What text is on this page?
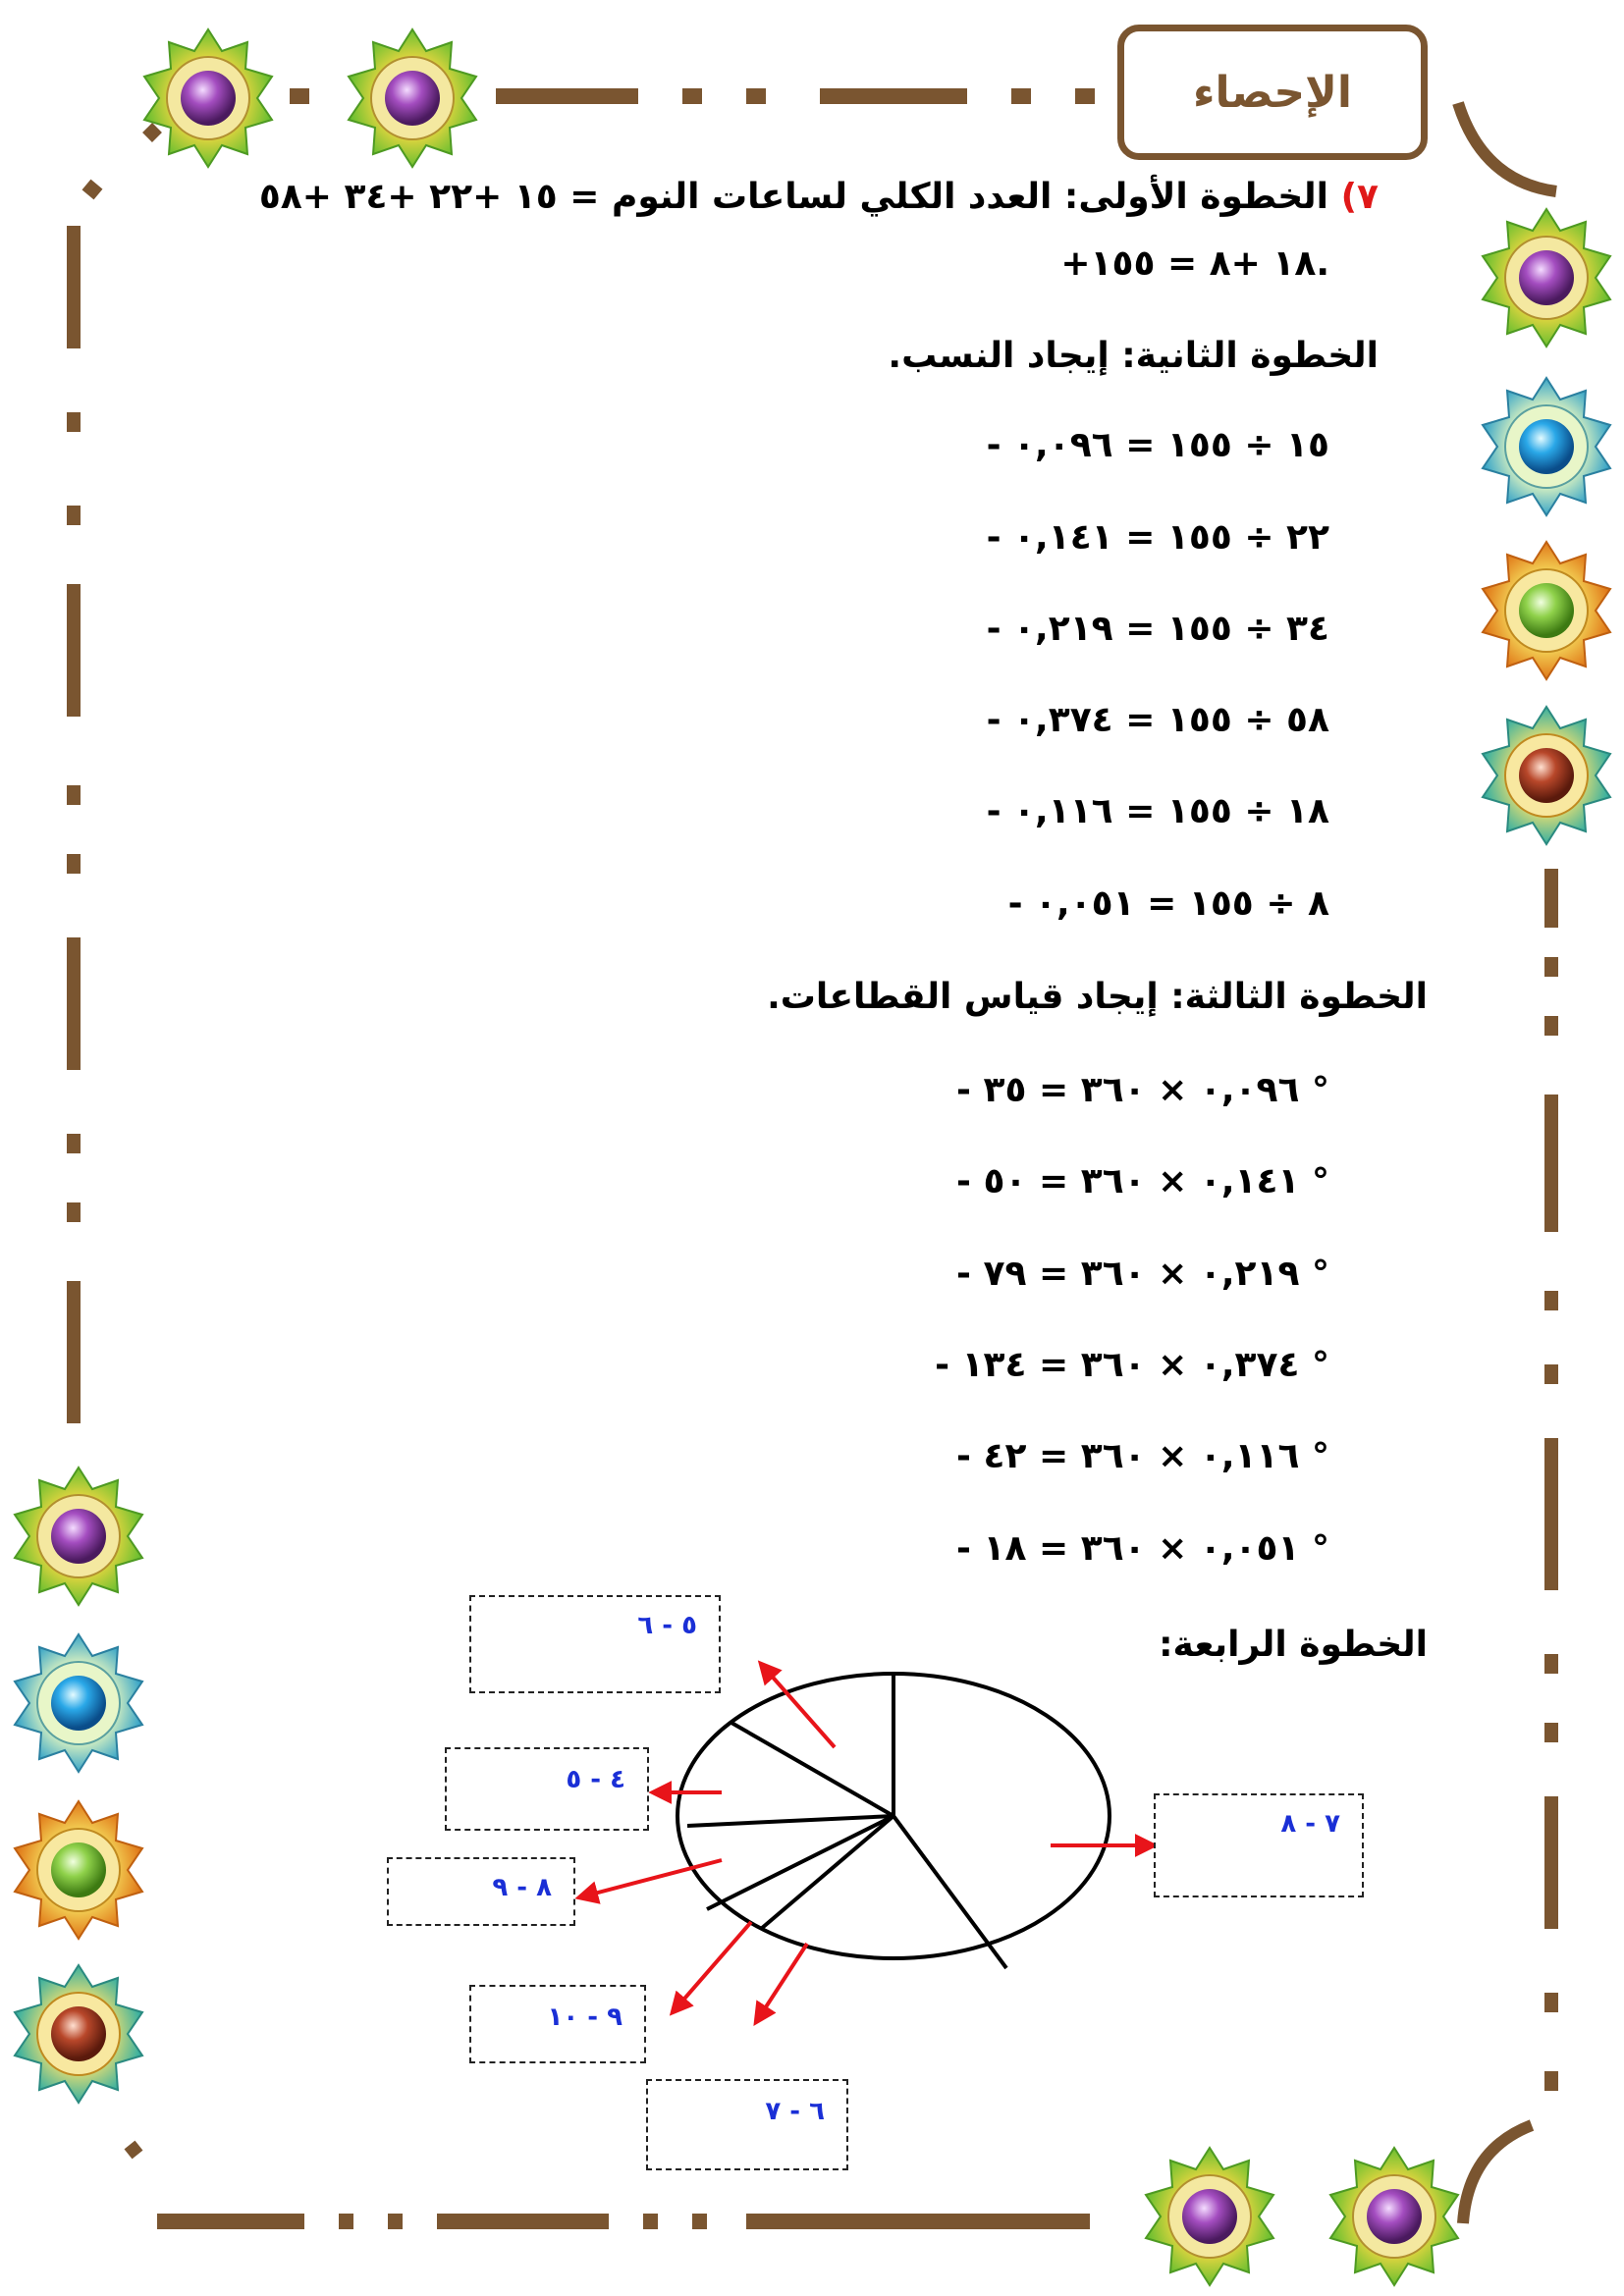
الإحصاء
٧) الخطوة الأولى: العدد الكلي لساعات النوم = ١٥ +٢٢ +٣٤ +٥٨
+١٨ +٨ = ١٥٥.
الخطوة الثانية: إيجاد النسب.
- ١٥ ÷ ١٥٥ = ٠,٠٩٦
- ٢٢ ÷ ١٥٥ = ٠,١٤١
- ٣٤ ÷ ١٥٥ = ٠,٢١٩
- ٥٨ ÷ ١٥٥ = ٠,٣٧٤
- ١٨ ÷ ١٥٥ = ٠,١١٦
- ٨ ÷ ١٥٥ = ٠,٠٥١
الخطوة الثالثة: إيجاد قياس القطاعات.
- ٠,٠٩٦ × ٣٦٠ = ٣٥ °
- ٠,١٤١ × ٣٦٠ = ٥٠ °
- ٠,٢١٩ × ٣٦٠ = ٧٩ °
- ٠,٣٧٤ × ٣٦٠ = ١٣٤ °
- ٠,١١٦ × ٣٦٠ = ٤٢ °
- ٠,٠٥١ × ٣٦٠ = ١٨ °
الخطوة الرابعة:
٥ - ٦
٤ - ٥
٨ - ٩
٩ - ١٠
٦ - ٧
٧ - ٨
